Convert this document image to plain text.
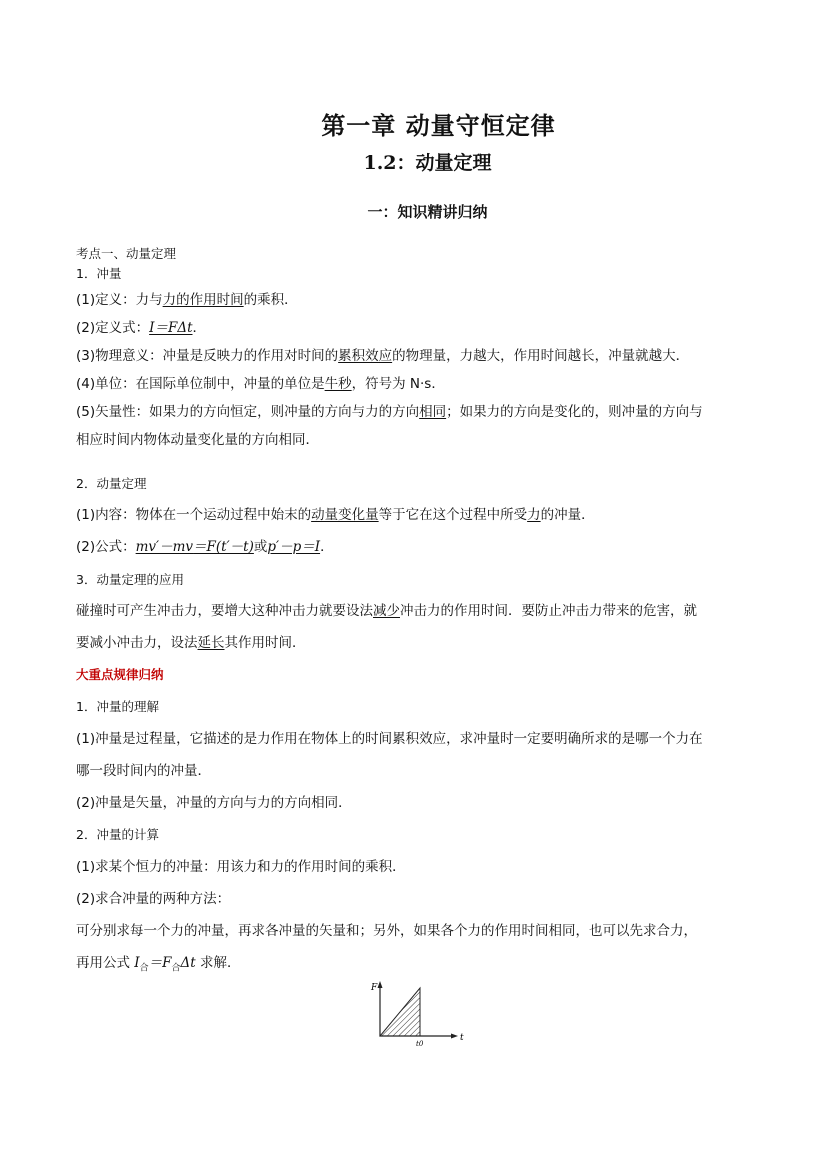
第一章 动量守恒定律
1.2：动量定理
一：知识精讲归纳
考点一、动量定理
1．冲量
(1)定义：力与力的作用时间的乘积．
(2)定义式：I＝FΔt．
(3)物理意义：冲量是反映力的作用对时间的累积效应的物理量，力越大，作用时间越长，冲量就越大．
(4)单位：在国际单位制中，冲量的单位是牛秒，符号为 N·s．
(5)矢量性：如果力的方向恒定，则冲量的方向与力的方向相同；如果力的方向是变化的，则冲量的方向与
相应时间内物体动量变化量的方向相同．
2．动量定理
(1)内容：物体在一个运动过程中始末的动量变化量等于它在这个过程中所受力的冲量．
(2)公式：mv′－mv＝F(t′－t)或p′－p＝I．
3．动量定理的应用
碰撞时可产生冲击力，要增大这种冲击力就要设法减少冲击力的作用时间．要防止冲击力带来的危害，就
要减小冲击力，设法延长其作用时间．
大重点规律归纳
1．冲量的理解
(1)冲量是过程量，它描述的是力作用在物体上的时间累积效应，求冲量时一定要明确所求的是哪一个力在
哪一段时间内的冲量．
(2)冲量是矢量，冲量的方向与力的方向相同．
2．冲量的计算
(1)求某个恒力的冲量：用该力和力的作用时间的乘积．
(2)求合冲量的两种方法：
可分别求每一个力的冲量，再求各冲量的矢量和；另外，如果各个力的作用时间相同，也可以先求合力，
再用公式 $I_合=F_合\Delta t$ 求解．
F
t
t0
